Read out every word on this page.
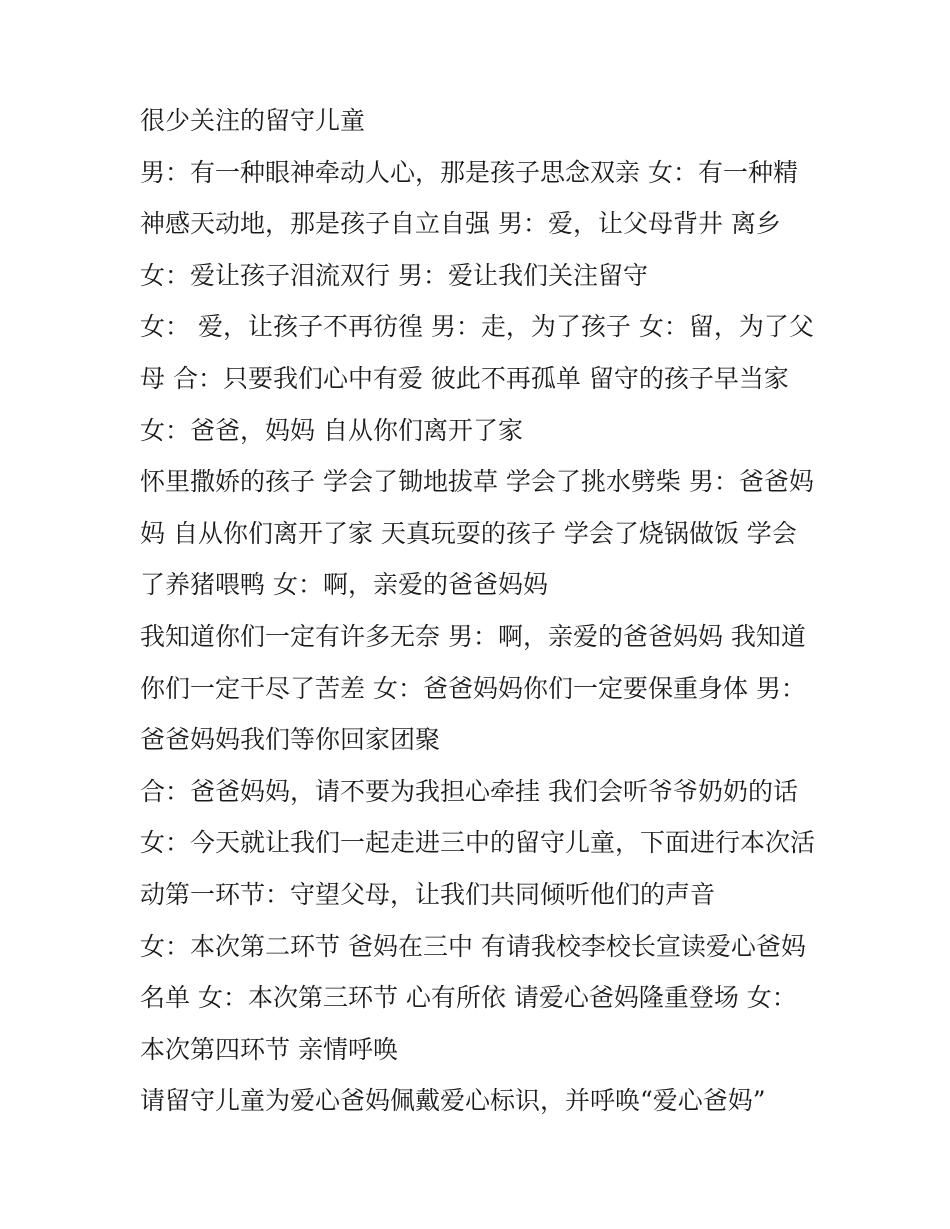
很少关注的留守儿童
男：有一种眼神牵动人心，那是孩子思念双亲 女：有一种精
神感天动地，那是孩子自立自强 男：爱，让父母背井 离乡
女：爱让孩子泪流双行 男：爱让我们关注留守
女： 爱，让孩子不再彷徨 男：走，为了孩子 女：留，为了父
母 合：只要我们心中有爱 彼此不再孤单 留守的孩子早当家
女：爸爸，妈妈 自从你们离开了家
怀里撒娇的孩子 学会了锄地拔草 学会了挑水劈柴 男：爸爸妈
妈 自从你们离开了家 天真玩耍的孩子 学会了烧锅做饭 学会
了养猪喂鸭 女：啊，亲爱的爸爸妈妈
我知道你们一定有许多无奈 男：啊，亲爱的爸爸妈妈 我知道
你们一定干尽了苦差 女：爸爸妈妈你们一定要保重身体 男：
爸爸妈妈我们等你回家团聚
合：爸爸妈妈，请不要为我担心牵挂 我们会听爷爷奶奶的话
女：今天就让我们一起走进三中的留守儿童，下面进行本次活
动第一环节：守望父母，让我们共同倾听他们的声音
女：本次第二环节 爸妈在三中 有请我校李校长宣读爱心爸妈
名单 女：本次第三环节 心有所依 请爱心爸妈隆重登场 女：
本次第四环节 亲情呼唤
请留守儿童为爱心爸妈佩戴爱心标识，并呼唤“爱心爸妈”
